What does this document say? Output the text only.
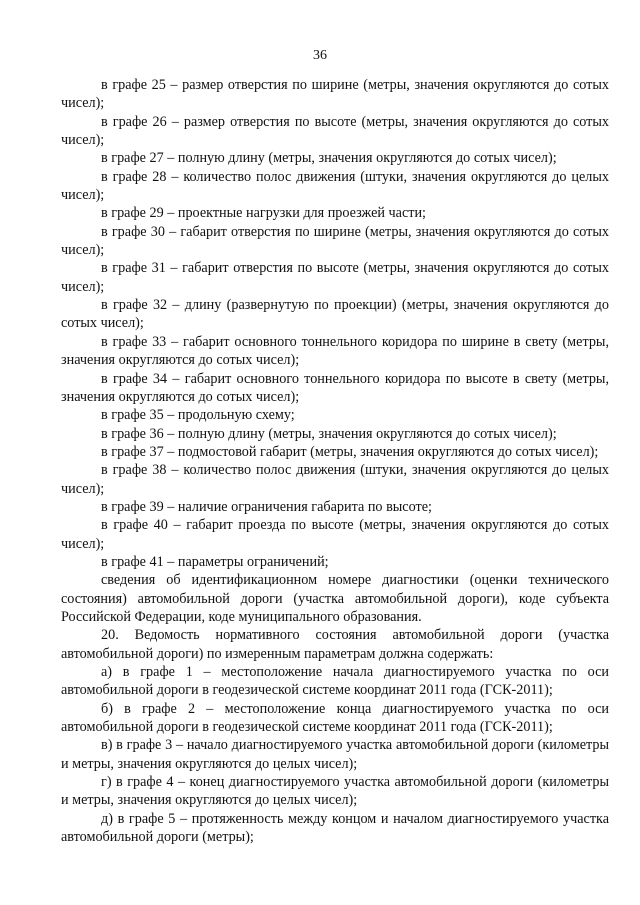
36

в графе 25 – размер отверстия по ширине (метры, значения округляются до сотых чисел);

в графе 26 – размер отверстия по высоте (метры, значения округляются до сотых чисел);

в графе 27 – полную длину (метры, значения округляются до сотых чисел);

в графе 28 – количество полос движения (штуки, значения округляются до целых чисел);

в графе 29 – проектные нагрузки для проезжей части;

в графе 30 – габарит отверстия по ширине (метры, значения округляются до сотых чисел);

в графе 31 – габарит отверстия по высоте (метры, значения округляются до сотых чисел);

в графе 32 – длину (развернутую по проекции) (метры, значения округляются до сотых чисел);

в графе 33 – габарит основного тоннельного коридора по ширине в свету (метры, значения округляются до сотых чисел);

в графе 34 – габарит основного тоннельного коридора по высоте в свету (метры, значения округляются до сотых чисел);

в графе 35 – продольную схему;

в графе 36 – полную длину (метры, значения округляются до сотых чисел);

в графе 37 – подмостовой габарит (метры, значения округляются до сотых чисел);

в графе 38 – количество полос движения (штуки, значения округляются до целых чисел);

в графе 39 – наличие ограничения габарита по высоте;

в графе 40 – габарит проезда по высоте (метры, значения округляются до сотых чисел);

в графе 41 – параметры ограничений;

сведения об идентификационном номере диагностики (оценки технического состояния) автомобильной дороги (участка автомобильной дороги), коде субъекта Российской Федерации, коде муниципального образования.

20. Ведомость нормативного состояния автомобильной дороги (участка автомобильной дороги) по измеренным параметрам должна содержать:

а) в графе 1 – местоположение начала диагностируемого участка по оси автомобильной дороги в геодезической системе координат 2011 года (ГСК-2011);

б) в графе 2 – местоположение конца диагностируемого участка по оси автомобильной дороги в геодезической системе координат 2011 года (ГСК-2011);

в) в графе 3 – начало диагностируемого участка автомобильной дороги (километры и метры, значения округляются до целых чисел);

г) в графе 4 – конец диагностируемого участка автомобильной дороги (километры и метры, значения округляются до целых чисел);

д) в графе 5 – протяженность между концом и началом диагностируемого участка автомобильной дороги (метры);
